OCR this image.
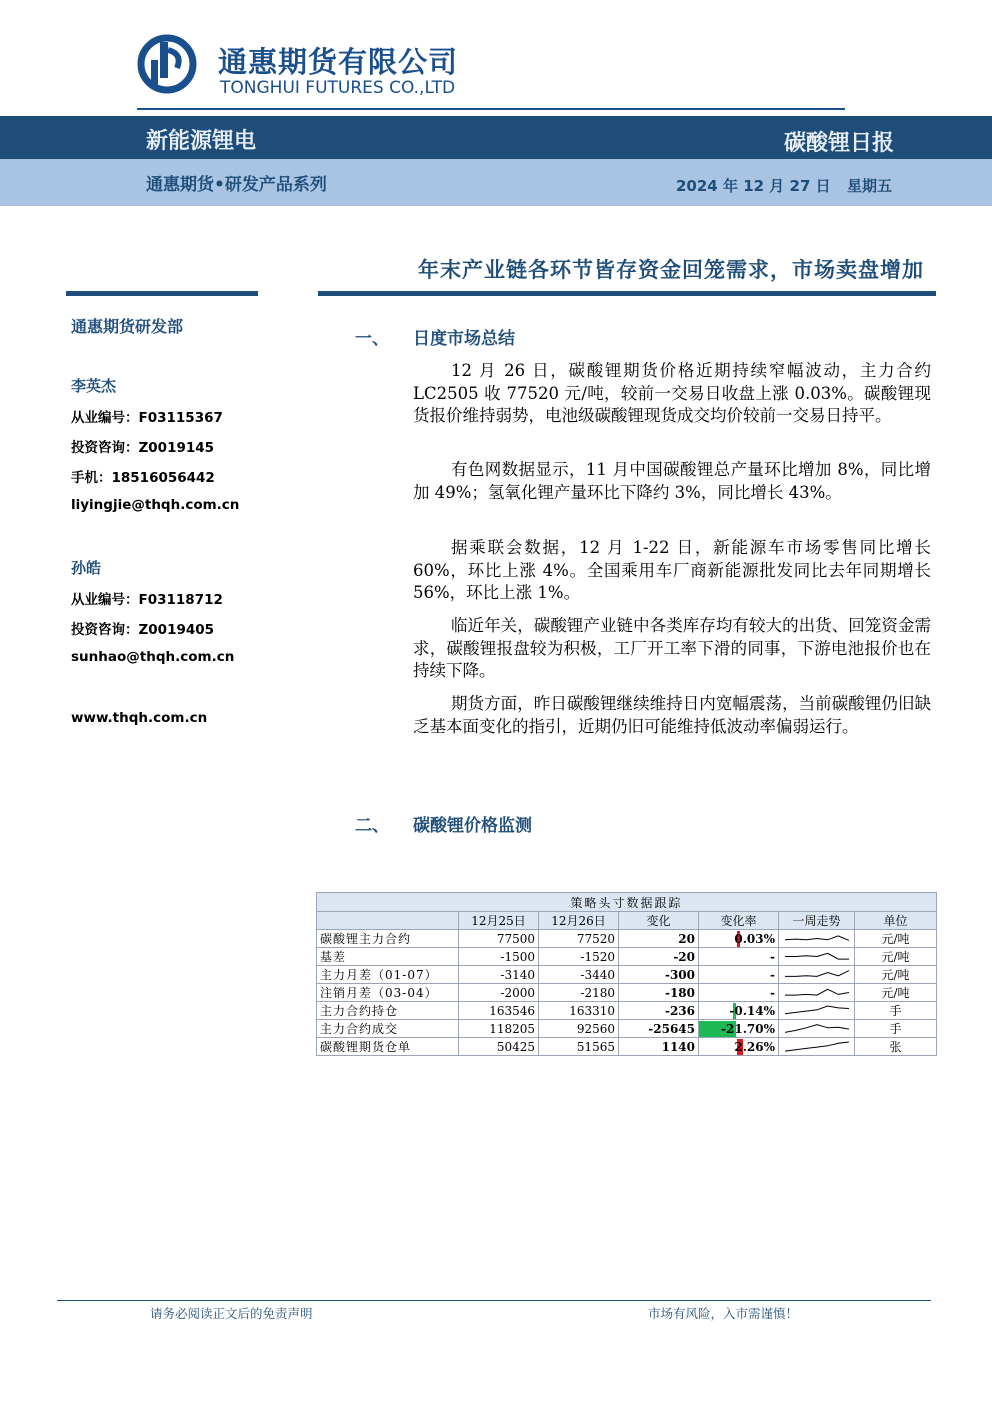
通惠期货有限公司
TONGHUI FUTURES CO.,LTD
新能源锂电	碳酸锂日报
通惠期货•研发产品系列	2024 年 12 月 27 日 星期五
年末产业链各环节皆存资金回笼需求，市场卖盘增加
通惠期货研发部
李英杰
从业编号：F03115367
投资咨询：Z0019145
手机：18516056442
liyingjie@thqh.com.cn
孙皓
从业编号：F03118712
投资咨询：Z0019405
sunhao@thqh.com.cn
www.thqh.com.cn
一、 日度市场总结
12 月 26 日，碳酸锂期货价格近期持续窄幅波动，主力合约 LC2505 收 77520 元/吨，较前一交易日收盘上涨 0.03%。碳酸锂现货报价维持弱势，电池级碳酸锂现货成交均价较前一交易日持平。
有色网数据显示，11 月中国碳酸锂总产量环比增加 8%，同比增加 49%；氢氧化锂产量环比下降约 3%，同比增长 43%。
据乘联会数据，12 月 1-22 日，新能源车市场零售同比增长 60%，环比上涨 4%。全国乘用车厂商新能源批发同比去年同期增长 56%，环比上涨 1%。
临近年关，碳酸锂产业链中各类库存均有较大的出货、回笼资金需求，碳酸锂报盘较为积极，工厂开工率下滑的同事，下游电池报价也在持续下降。
期货方面，昨日碳酸锂继续维持日内宽幅震荡，当前碳酸锂仍旧缺乏基本面变化的指引，近期仍旧可能维持低波动率偏弱运行。
二、 碳酸锂价格监测
策略头寸数据跟踪						
	12月25日	12月26日	变化	变化率	一周走势	单位
碳酸锂主力合约	77500	77520	20	0.03%		元/吨
基差	-1500	-1520	-20	-		元/吨
主力月差（01-07）	-3140	-3440	-300	-		元/吨
注销月差（03-04）	-2000	-2180	-180	-		元/吨
主力合约持仓	163546	163310	-236	-0.14%		手
主力合约成交	118205	92560	-25645	-21.70%		手
碳酸锂期货仓单	50425	51565	1140	2.26%		张
请务必阅读正文后的免责声明	市场有风险，入市需谨慎！
